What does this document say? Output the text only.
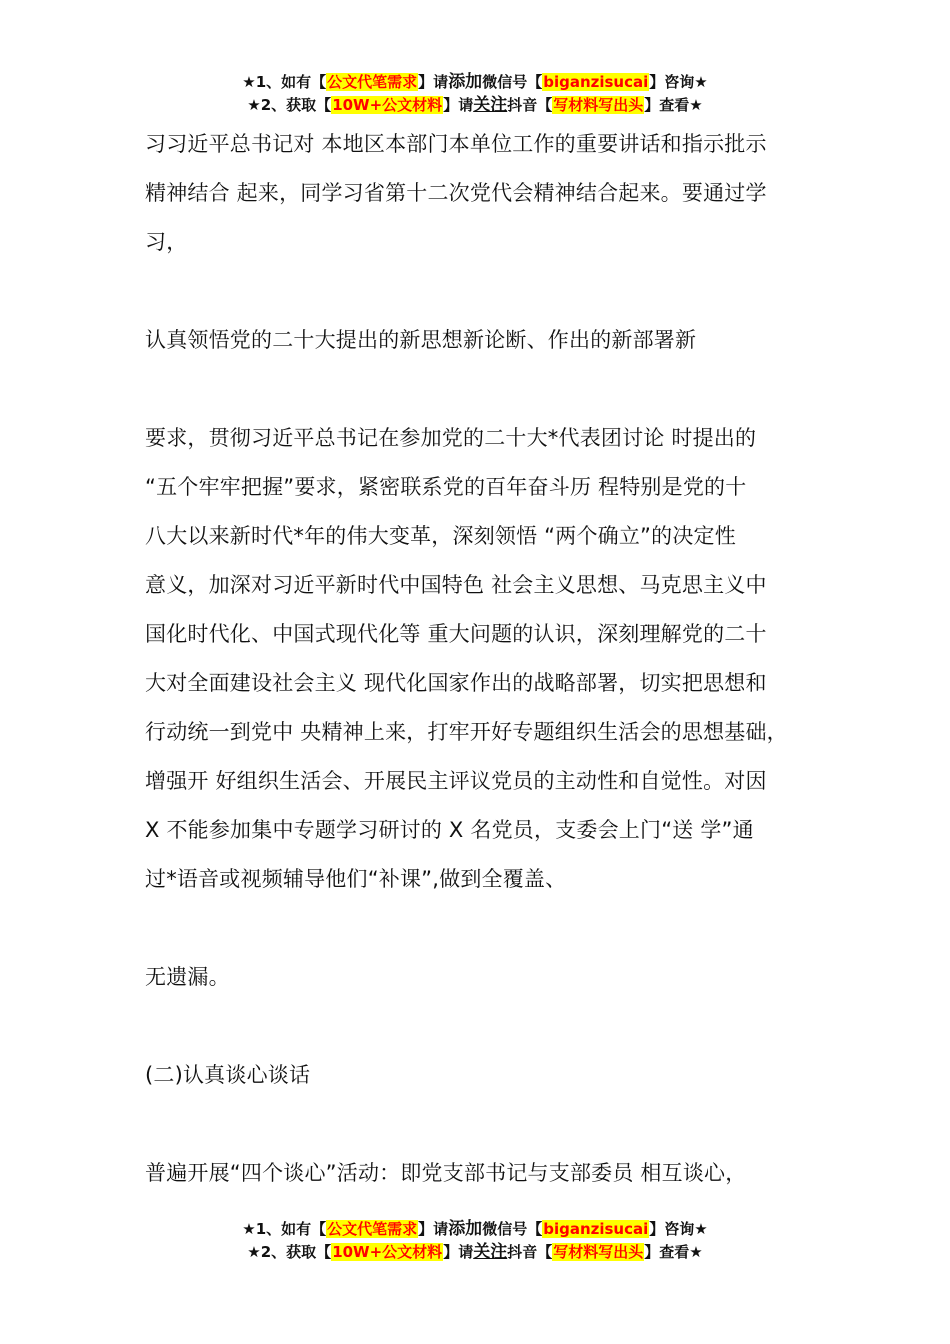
★1、如有【公文代笔需求】请添加微信号【biganzisucai】咨询★
★2、获取【10W+公文材料】请关注抖音【写材料写出头】查看★

习习近平总书记对 本地区本部门本单位工作的重要讲话和指示批示

精神结合 起来，同学习省第十二次党代会精神结合起来。要通过学

习，

认真领悟党的二十大提出的新思想新论断、作出的新部署新

要求，贯彻习近平总书记在参加党的二十大*代表团讨论 时提出的

“五个牢牢把握”要求，紧密联系党的百年奋斗历 程特别是党的十

八大以来新时代*年的伟大变革，深刻领悟 “两个确立”的决定性

意义，加深对习近平新时代中国特色 社会主义思想、马克思主义中

国化时代化、中国式现代化等 重大问题的认识，深刻理解党的二十

大对全面建设社会主义 现代化国家作出的战略部署，切实把思想和

行动统一到党中 央精神上来，打牢开好专题组织生活会的思想基础，

增强开 好组织生活会、开展民主评议党员的主动性和自觉性。对因

X 不能参加集中专题学习研讨的 X 名党员，支委会上门“送 学”通

过*语音或视频辅导他们“补课”,做到全覆盖、

无遗漏。

(二)认真谈心谈话

普遍开展“四个谈心”活动：即党支部书记与支部委员 相互谈心，

★1、如有【公文代笔需求】请添加微信号【biganzisucai】咨询★
★2、获取【10W+公文材料】请关注抖音【写材料写出头】查看★
